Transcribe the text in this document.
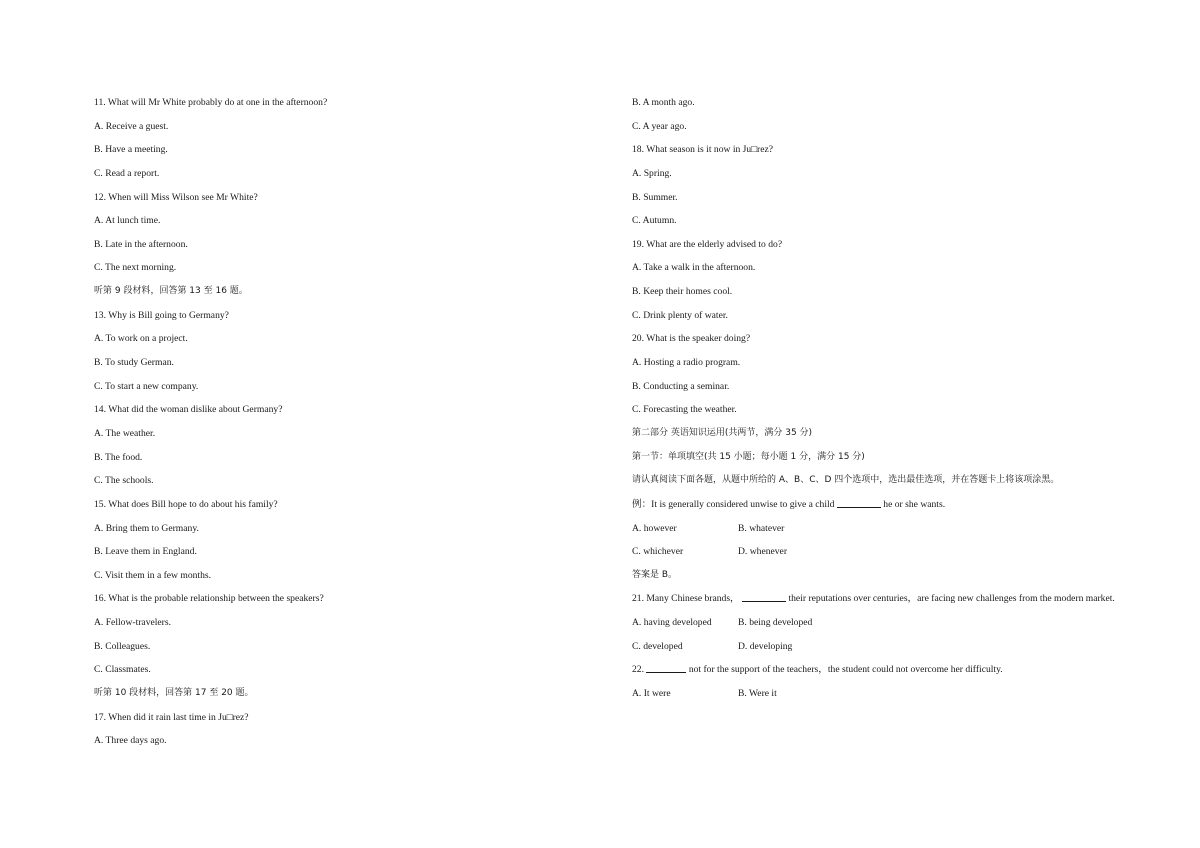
11. What will Mr White probably do at one in the afternoon?
A. Receive a guest.
B. Have a meeting.
C. Read a report.
12. When will Miss Wilson see Mr White?
A. At lunch time.
B. Late in the afternoon.
C. The next morning.
听第 9 段材料，回答第 13 至 16 题。
13. Why is Bill going to Germany?
A. To work on a project.
B. To study German.
C. To start a new company.
14. What did the woman dislike about Germany?
A. The weather.
B. The food.
C. The schools.
15. What does Bill hope to do about his family?
A. Bring them to Germany.
B. Leave them in England.
C. Visit them in a few months.
16. What is the probable relationship between the speakers?
A. Fellow-travelers.
B. Colleagues.
C. Classmates.
听第 10 段材料，回答第 17 至 20 题。
17. When did it rain last time in Ju□rez?
A. Three days ago.
B. A month ago.
C. A year ago.
18. What season is it now in Ju□rez?
A. Spring.
B. Summer.
C. Autumn.
19. What are the elderly advised to do?
A. Take a walk in the afternoon.
B. Keep their homes cool.
C. Drink plenty of water.
20. What is the speaker doing?
A. Hosting a radio program.
B. Conducting a seminar.
C. Forecasting the weather.
第二部分 英语知识运用(共两节，满分 35 分)
第一节：单项填空(共 15 小题；每小题 1 分，满分 15 分)
请认真阅读下面各题，从题中所给的 A、B、C、D 四个选项中，选出最佳选项，并在答题卡上将该项涂黑。
例：It is generally considered unwise to give a child	he or she wants.
A. however	B. whatever
C. whichever	D. whenever
答案是 B。
21. Many Chinese brands，	their reputations over centuries，are facing new challenges from the modern market.
A. having developed	B. being developed
C. developed	D. developing
22.	not for the support of the teachers，the student could not overcome her difficulty.
A. It were	B. Were it
